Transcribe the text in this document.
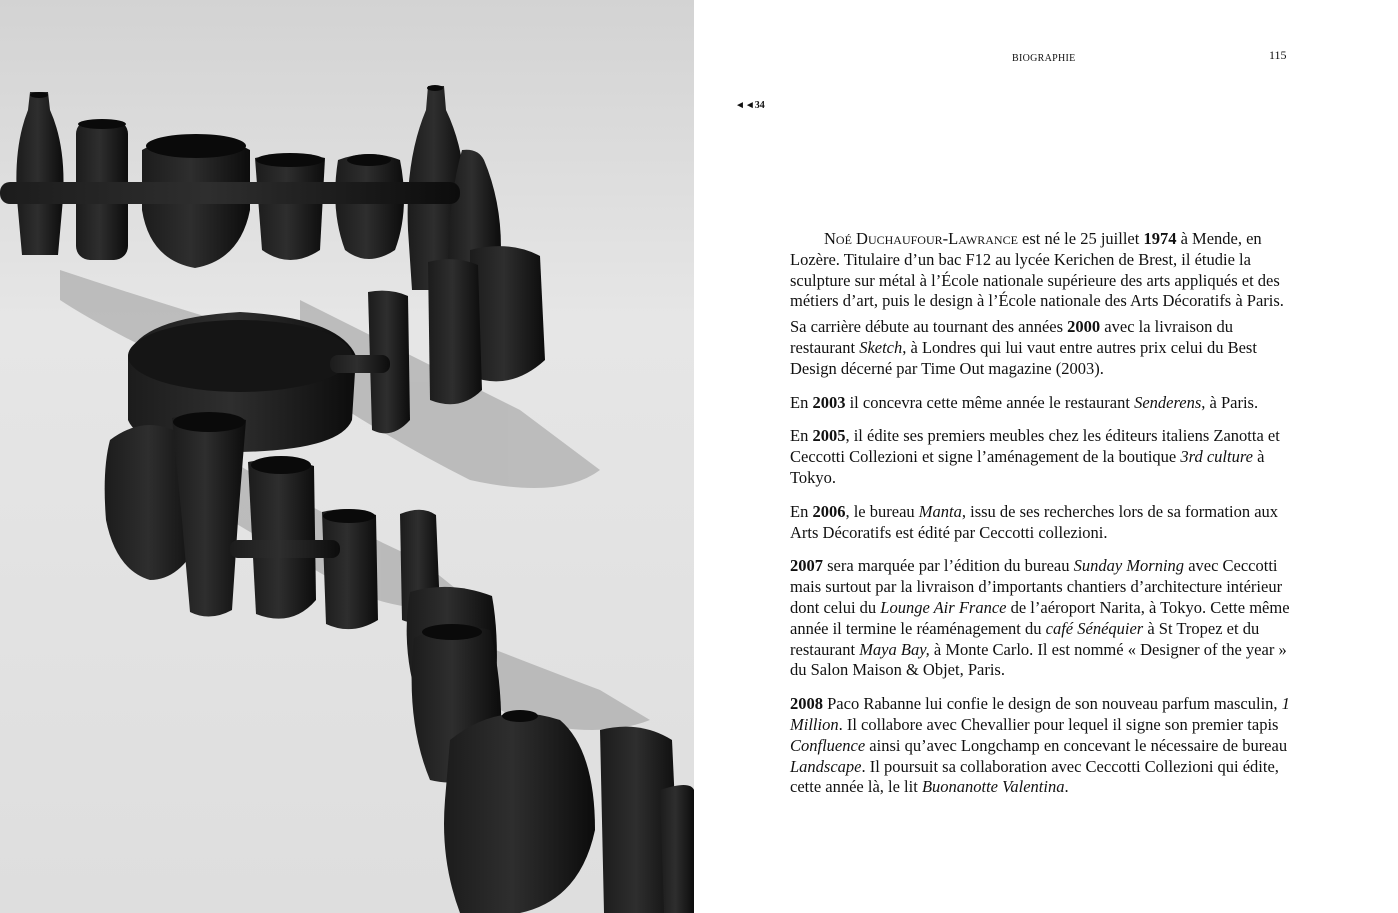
BIOGRAPHIE	115
◄◄34

Noé Duchaufour-Lawrance est né le 25 juillet 1974 à Mende, en Lozère. Titulaire d’un bac F12 au lycée Kerichen de Brest, il étudie la sculpture sur métal à l’École nationale supérieure des arts appliqués et des métiers d’art, puis le design à l’École nationale des Arts Décoratifs à Paris.

Sa carrière débute au tournant des années 2000 avec la livraison du restaurant Sketch, à Londres qui lui vaut entre autres prix celui du Best Design décerné par Time Out magazine (2003).

En 2003 il concevra cette même année le restaurant Senderens, à Paris.

En 2005, il édite ses premiers meubles chez les éditeurs italiens Zanotta et Ceccotti Collezioni et signe l’aménagement de la boutique 3rd culture à Tokyo.

En 2006, le bureau Manta, issu de ses recherches lors de sa formation aux Arts Décoratifs est édité par Ceccotti collezioni.

2007 sera marquée par l’édition du bureau Sunday Morning avec Ceccotti mais surtout par la livraison d’importants chantiers d’architecture intérieur dont celui du Lounge Air France de l’aéroport Narita, à Tokyo. Cette même année il termine le réaménagement du café Sénéquier à St Tropez et du restaurant Maya Bay, à Monte Carlo. Il est nommé « Designer of the year » du Salon Maison & Objet, Paris.

2008 Paco Rabanne lui confie le design de son nouveau parfum masculin, 1 Million. Il collabore avec Chevallier pour lequel il signe son premier tapis Confluence ainsi qu’avec Longchamp en concevant le nécessaire de bureau Landscape. Il poursuit sa collaboration avec Ceccotti Collezioni qui édite, cette année là, le lit Buonanotte Valentina.
